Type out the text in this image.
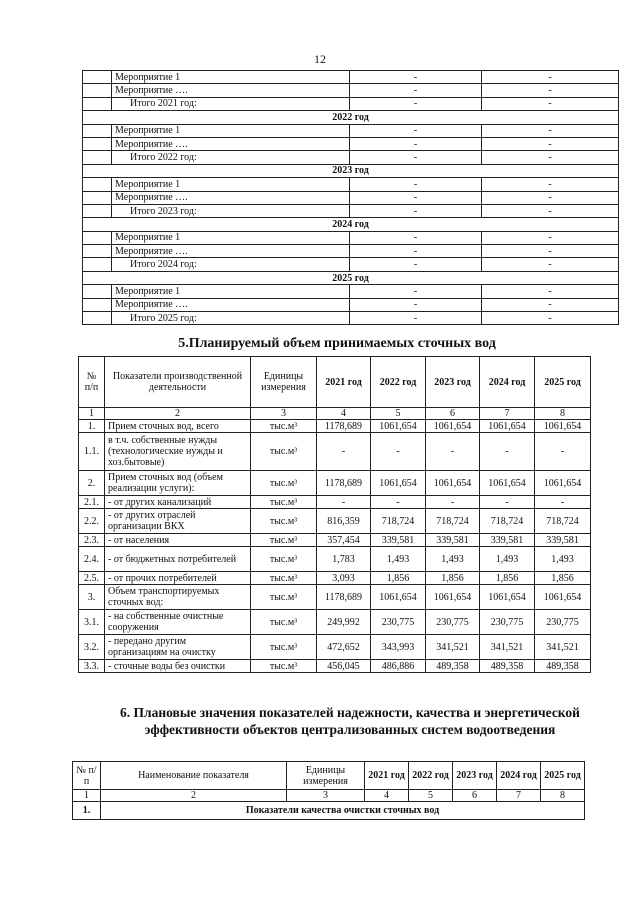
12
	Мероприятие 1	-	-
	Мероприятие ….	-	-
	Итого 2021 год:	-	-
2022 год			
	Мероприятие 1	-	-
	Мероприятие ….	-	-
	Итого 2022 год:	-	-
2023 год			
	Мероприятие 1	-	-
	Мероприятие ….	-	-
	Итого 2023 год:	-	-
2024 год			
	Мероприятие 1	-	-
	Мероприятие ….	-	-
	Итого 2024 год:	-	-
2025 год			
	Мероприятие 1	-	-
	Мероприятие ….	-	-
	Итого 2025 год:	-	-
5.Планируемый объем принимаемых сточных вод
№ п/п	Показатели производственной деятельности	Единицы измерения	2021 год	2022 год	2023 год	2024 год	2025 год
1	2	3	4	5	6	7	8
1.	Прием сточных вод, всего	тыс.м³	1178,689	1061,654	1061,654	1061,654	1061,654
1.1.	в т.ч. собственные нужды (технологические нужды и хоз.бытовые)	тыс.м³	-	-	-	-	-
2.	Прием сточных вод (объем реализации услуги):	тыс.м³	1178,689	1061,654	1061,654	1061,654	1061,654
2.1.	- от других канализаций	тыс.м³	-	-	-	-	-
2.2.	- от других отраслей организации ВКХ	тыс.м³	816,359	718,724	718,724	718,724	718,724
2.3.	- от населения	тыс.м³	357,454	339,581	339,581	339,581	339,581
2.4.	- от бюджетных потребителей	тыс.м³	1,783	1,493	1,493	1,493	1,493
2.5.	- от прочих потребителей	тыс.м³	3,093	1,856	1,856	1,856	1,856
3.	Объем транспортируемых сточных вод:	тыс.м³	1178,689	1061,654	1061,654	1061,654	1061,654
3.1.	- на собственные очистные сооружения	тыс.м³	249,992	230,775	230,775	230,775	230,775
3.2.	- передано другим организациям на очистку	тыс.м³	472,652	343,993	341,521	341,521	341,521
3.3.	- сточные воды без очистки	тыс.м³	456,045	486,886	489,358	489,358	489,358
6. Плановые значения показателей надежности, качества и энергетической эффективности объектов централизованных систем водоотведения
№ п/п	Наименование показателя	Единицы измерения	2021 год	2022 год	2023 год	2024 год	2025 год
1	2	3	4	5	6	7	8
1.	Показатели качества очистки сточных вод						
